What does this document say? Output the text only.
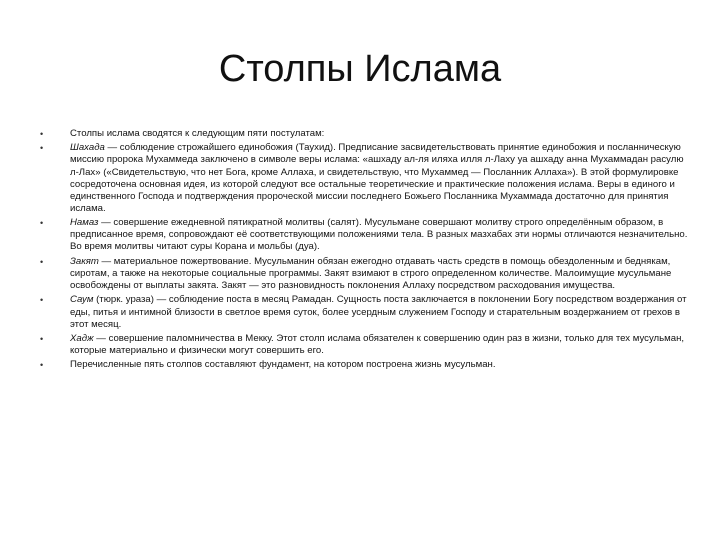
Столпы Ислама
•	Столпы ислама сводятся к следующим пяти постулатам:
•	Шахада — соблюдение строжайшего единобожия (Таухид). Предписание засвидетельствовать принятие единобожия и посланническую миссию пророка Мухаммеда заключено в символе веры ислама: «ашхаду ал-ля иляха илля л-Лаху уа ашхаду анна Мухаммадан расулю л-Лах» («Свидетельствую, что нет Бога, кроме Аллаха, и свидетельствую, что Мухаммед — Посланник Аллаха»). В этой формулировке сосредоточена основная идея, из которой следуют все остальные теоретические и практические положения ислама. Веры в единого и единственного Господа и подтверждения пророческой миссии последнего Божьего Посланника Мухаммада достаточно для принятия ислама.
•	Намаз — совершение ежедневной пятикратной молитвы (салят). Мусульмане совершают молитву строго определённым образом, в предписанное время, сопровождают её соответствующими положениями тела. В разных мазхабах эти нормы отличаются незначительно. Во время молитвы читают суры Корана и мольбы (дуа).
•	Закят — материальное пожертвование. Мусульманин обязан ежегодно отдавать часть средств в помощь обездоленным и беднякам, сиротам, а также на некоторые социальные программы. Закят взимают в строго определенном количестве. Малоимущие мусульмане освобождены от выплаты закята. Закят — это разновидность поклонения Аллаху посредством расходования имущества.
•	Саум (тюрк. ураза) — соблюдение поста в месяц Рамадан. Сущность поста заключается в поклонении Богу посредством воздержания от еды, питья и интимной близости в светлое время суток, более усердным служением Господу и старательным воздержанием от грехов в этот месяц.
•	Хадж — совершение паломничества в Мекку. Этот столп ислама обязателен к совершению один раз в жизни, только для тех мусульман, которые материально и физически могут совершить его.
•	Перечисленные пять столпов составляют фундамент, на котором построена жизнь мусульман.
